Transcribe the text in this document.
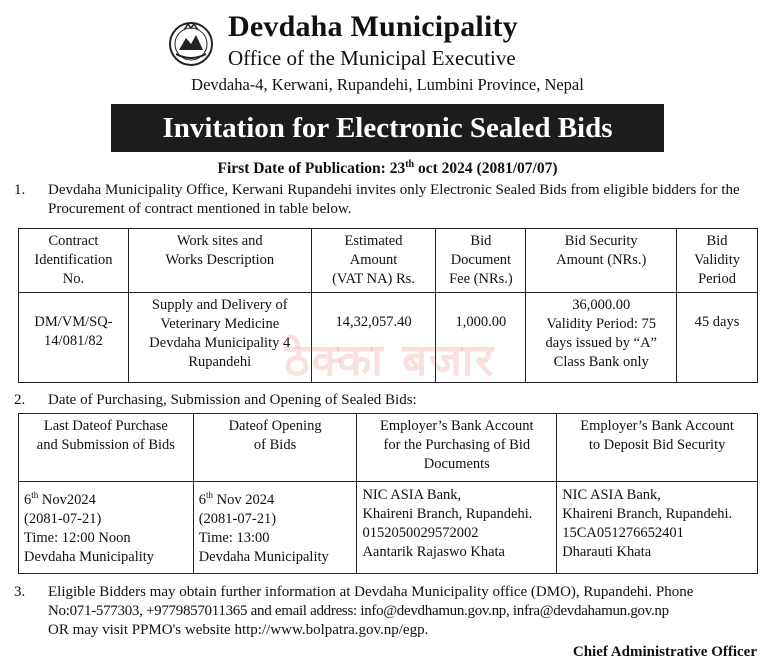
Devdaha Municipality
Office of the Municipal Executive
Devdaha-4, Kerwani, Rupandehi, Lumbini Province, Nepal
Invitation for Electronic Sealed Bids
First Date of Publication: 23th oct 2024 (2081/07/07)
1. Devdaha Municipality Office, Kerwani Rupandehi invites only Electronic Sealed Bids from eligible bidders for the Procurement of contract mentioned in table below.
Contract
Identification
No.	Work sites and
Works Description	Estimated
Amount
(VAT NA) Rs.	Bid
Document
Fee (NRs.)	Bid Security
Amount (NRs.)	Bid
Validity
Period
DM/VM/SQ-
14/081/82	Supply and Delivery of
Veterinary Medicine
Devdaha Municipality 4
Rupandehi	14,32,057.40	1,000.00	36,000.00
Validity Period: 75
days issued by “A”
Class Bank only	45 days
ठेक्का बजार
2. Date of Purchasing, Submission and Opening of Sealed Bids:
Last Dateof Purchase
and Submission of Bids	Dateof Opening
of Bids	Employer’s Bank Account
for the Purchasing of Bid
Documents	Employer’s Bank Account
to Deposit Bid Security
6th Nov2024
(2081-07-21)
Time: 12:00 Noon
Devdaha Municipality	6th Nov 2024
(2081-07-21)
Time: 13:00
Devdaha Municipality	NIC ASIA Bank,
Khaireni Branch, Rupandehi.
0152050029572002
Aantarik Rajaswo Khata	NIC ASIA Bank,
Khaireni Branch, Rupandehi.
15CA051276652401
Dharauti Khata
3. Eligible Bidders may obtain further information at Devdaha Municipality office (DMO), Rupandehi. Phone
No:071-577303, +9779857011365 and email address: info@devdhamun.gov.np, infra@devdahamun.gov.np
OR may visit PPMO's website http://www.bolpatra.gov.np/egp.
Chief Administrative Officer
